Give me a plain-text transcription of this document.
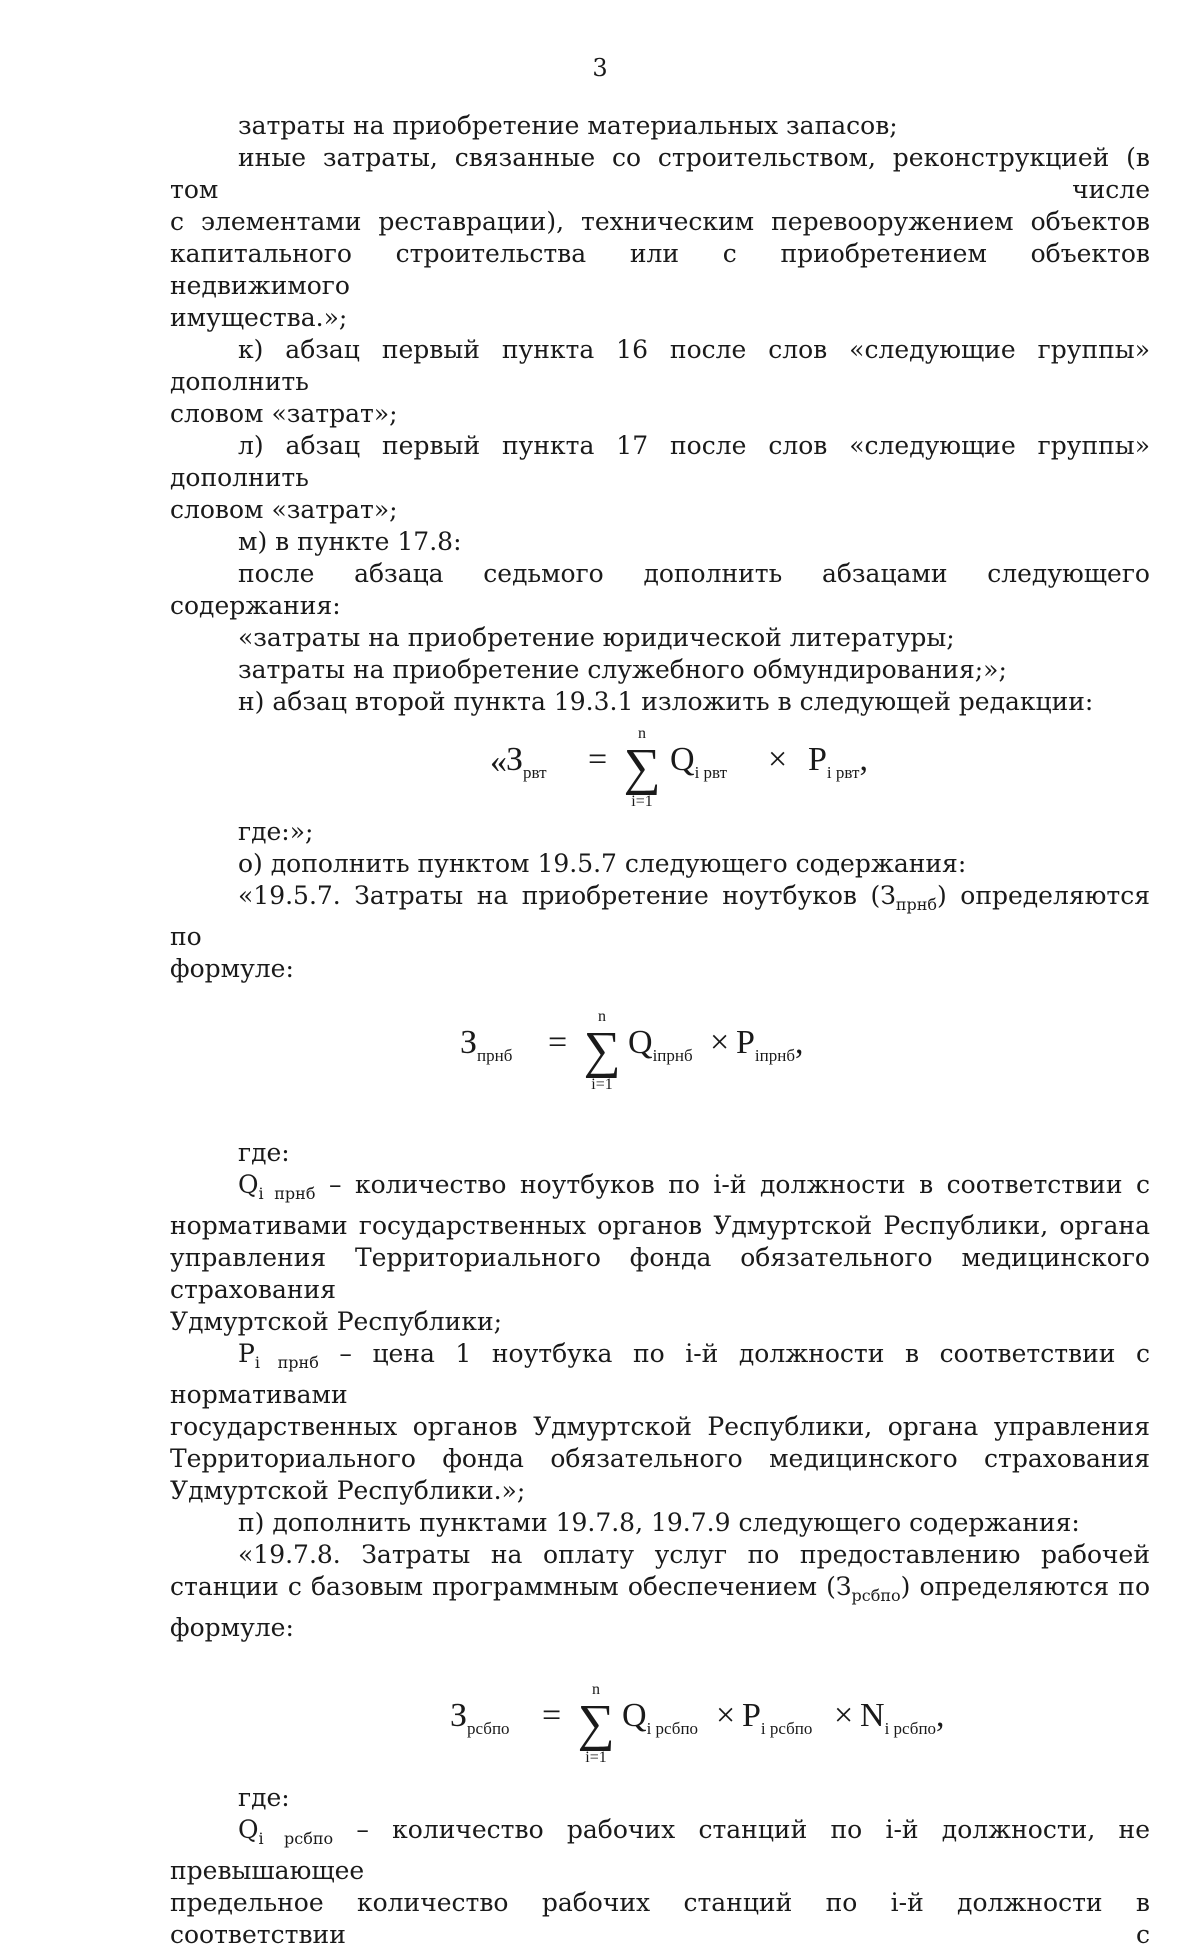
3

затраты на приобретение материальных запасов;

иные затраты, связанные со строительством, реконструкцией (в том числе

с элементами реставрации), техническим перевооружением объектов

капитального строительства или с приобретением объектов недвижимого

имущества.»;

к) абзац первый пункта 16 после слов «следующие группы» дополнить

словом «затрат»;

л) абзац первый пункта 17 после слов «следующие группы» дополнить

словом «затрат»;

м) в пункте 17.8:

после абзаца седьмого дополнить абзацами следующего содержания:

«затраты на приобретение юридической литературы;

затраты на приобретение служебного обмундирования;»;

н) абзац второй пункта 19.3.1 изложить в следующей редакции:

« $З_{рвт}$ =
n
∑
i=1
$Q_{i рвт} \times P_{i рвт}$,

где:»;

о) дополнить пунктом 19.5.7 следующего содержания:

«19.5.7. Затраты на приобретение ноутбуков $(З_{прнб})$ определяются по

формуле:

$З_{прнб}$ =
n
∑
i=1
$Q_{iпрнб} \times P_{iпрнб}$,

где:

$Q_{i прнб}$ – количество ноутбуков по i-й должности в соответствии с

нормативами государственных органов Удмуртской Республики, органа

управления Территориального фонда обязательного медицинского страхования

Удмуртской Республики;

$P_{i прнб}$ – цена 1 ноутбука по i-й должности в соответствии с нормативами

государственных органов Удмуртской Республики, органа управления

Территориального фонда обязательного медицинского страхования

Удмуртской Республики.»;

п) дополнить пунктами 19.7.8, 19.7.9 следующего содержания:

«19.7.8. Затраты на оплату услуг по предоставлению рабочей

станции с базовым программным обеспечением $(З_{рсбпо})$ определяются по

формуле:

$З_{рсбпо}$ =
n
∑
i=1
$Q_{i рсбпо} \times P_{i рсбпо} \times N_{i рсбпо}$,

где:

$Q_{i рсбпо}$ – количество рабочих станций по i-й должности, не превышающее

предельное количество рабочих станций по i-й должности в соответствии с
